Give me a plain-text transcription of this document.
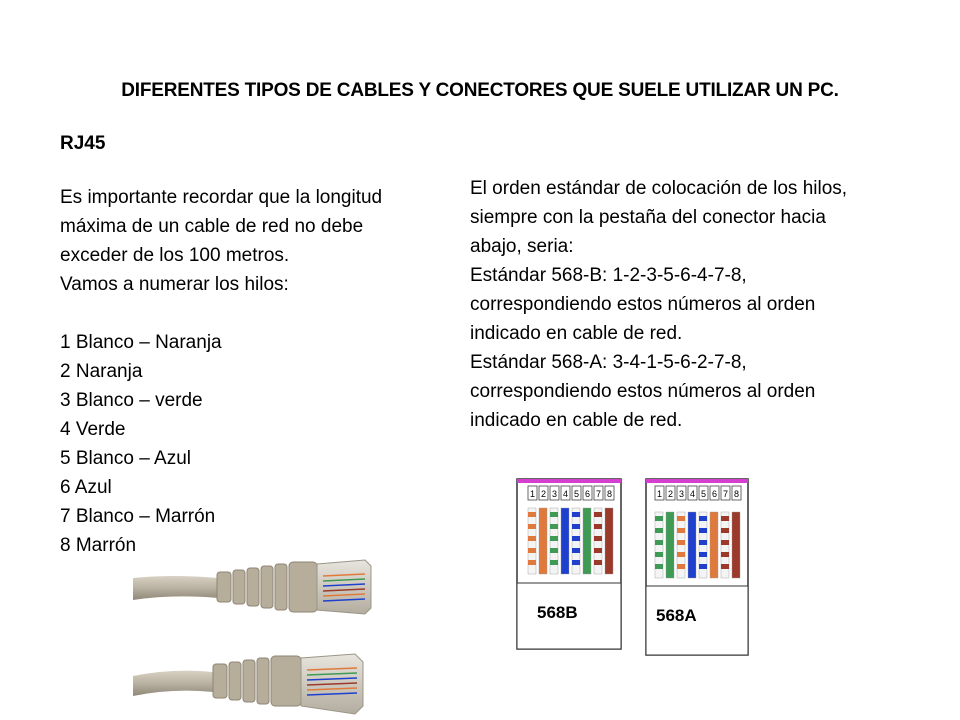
DIFERENTES TIPOS DE CABLES Y CONECTORES QUE SUELE UTILIZAR UN PC.
RJ45
Es importante recordar que la longitud
máxima de un cable de red no debe
exceder de los 100 metros.
Vamos a numerar los hilos:
1 Blanco – Naranja
2 Naranja
3 Blanco – verde
4 Verde
5 Blanco – Azul
6 Azul
7 Blanco – Marrón
8 Marrón
El orden estándar de colocación de los hilos,
siempre con la pestaña del conector hacia
abajo, seria:
Estándar 568-B: 1-2-3-5-6-4-7-8,
correspondiendo estos números al orden
indicado en cable de red.
Estándar 568-A: 3-4-1-5-6-2-7-8,
correspondiendo estos números al orden
indicado en cable de red.
1 2 3 4 5 6 7 8
568B
1 2 3 4 5 6 7 8
568A
